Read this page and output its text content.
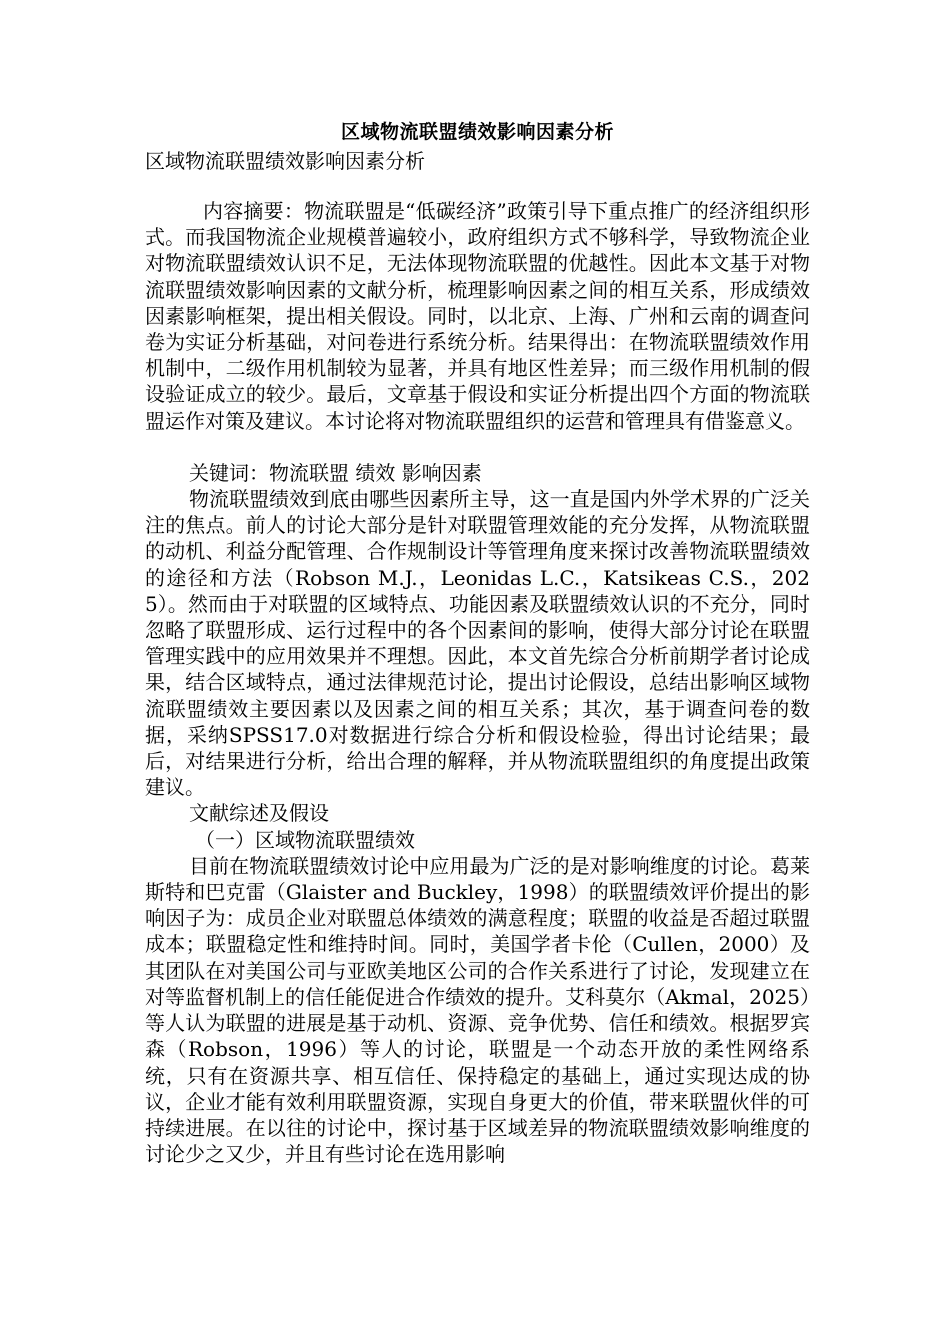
区域物流联盟绩效影响因素分析
区域物流联盟绩效影响因素分析

内容摘要：物流联盟是“低碳经济”政策引导下重点推广的经济组织形式。而我国物流企业规模普遍较小，政府组织方式不够科学，导致物流企业对物流联盟绩效认识不足，无法体现物流联盟的优越性。因此本文基于对物流联盟绩效影响因素的文献分析，梳理影响因素之间的相互关系，形成绩效因素影响框架，提出相关假设。同时，以北京、上海、广州和云南的调查问卷为实证分析基础，对问卷进行系统分析。结果得出：在物流联盟绩效作用机制中，二级作用机制较为显著，并具有地区性差异；而三级作用机制的假设验证成立的较少。最后，文章基于假设和实证分析提出四个方面的物流联盟运作对策及建议。本讨论将对物流联盟组织的运营和管理具有借鉴意义。

关键词：物流联盟 绩效 影响因素

物流联盟绩效到底由哪些因素所主导，这一直是国内外学术界的广泛关注的焦点。前人的讨论大部分是针对联盟管理效能的充分发挥，从物流联盟的动机、利益分配管理、合作规制设计等管理角度来探讨改善物流联盟绩效的途径和方法（Robson M.J.，Leonidas L.C.，Katsikeas C.S.，2025）。然而由于对联盟的区域特点、功能因素及联盟绩效认识的不充分，同时忽略了联盟形成、运行过程中的各个因素间的影响，使得大部分讨论在联盟管理实践中的应用效果并不理想。因此，本文首先综合分析前期学者讨论成果，结合区域特点，通过法律规范讨论，提出讨论假设，总结出影响区域物流联盟绩效主要因素以及因素之间的相互关系；其次，基于调查问卷的数据，采纳SPSS17.0对数据进行综合分析和假设检验，得出讨论结果；最后，对结果进行分析，给出合理的解释，并从物流联盟组织的角度提出政策建议。

文献综述及假设
（一）区域物流联盟绩效

目前在物流联盟绩效讨论中应用最为广泛的是对影响维度的讨论。葛莱斯特和巴克雷（Glaister and Buckley，1998）的联盟绩效评价提出的影响因子为：成员企业对联盟总体绩效的满意程度；联盟的收益是否超过联盟成本；联盟稳定性和维持时间。同时，美国学者卡伦（Cullen，2000）及其团队在对美国公司与亚欧美地区公司的合作关系进行了讨论，发现建立在对等监督机制上的信任能促进合作绩效的提升。艾科莫尔（Akmal，2025）等人认为联盟的进展是基于动机、资源、竞争优势、信任和绩效。根据罗宾森（Robson，1996）等人的讨论，联盟是一个动态开放的柔性网络系统，只有在资源共享、相互信任、保持稳定的基础上，通过实现达成的协议，企业才能有效利用联盟资源，实现自身更大的价值，带来联盟伙伴的可持续进展。在以往的讨论中，探讨基于区域差异的物流联盟绩效影响维度的讨论少之又少，并且有些讨论在选用影响
